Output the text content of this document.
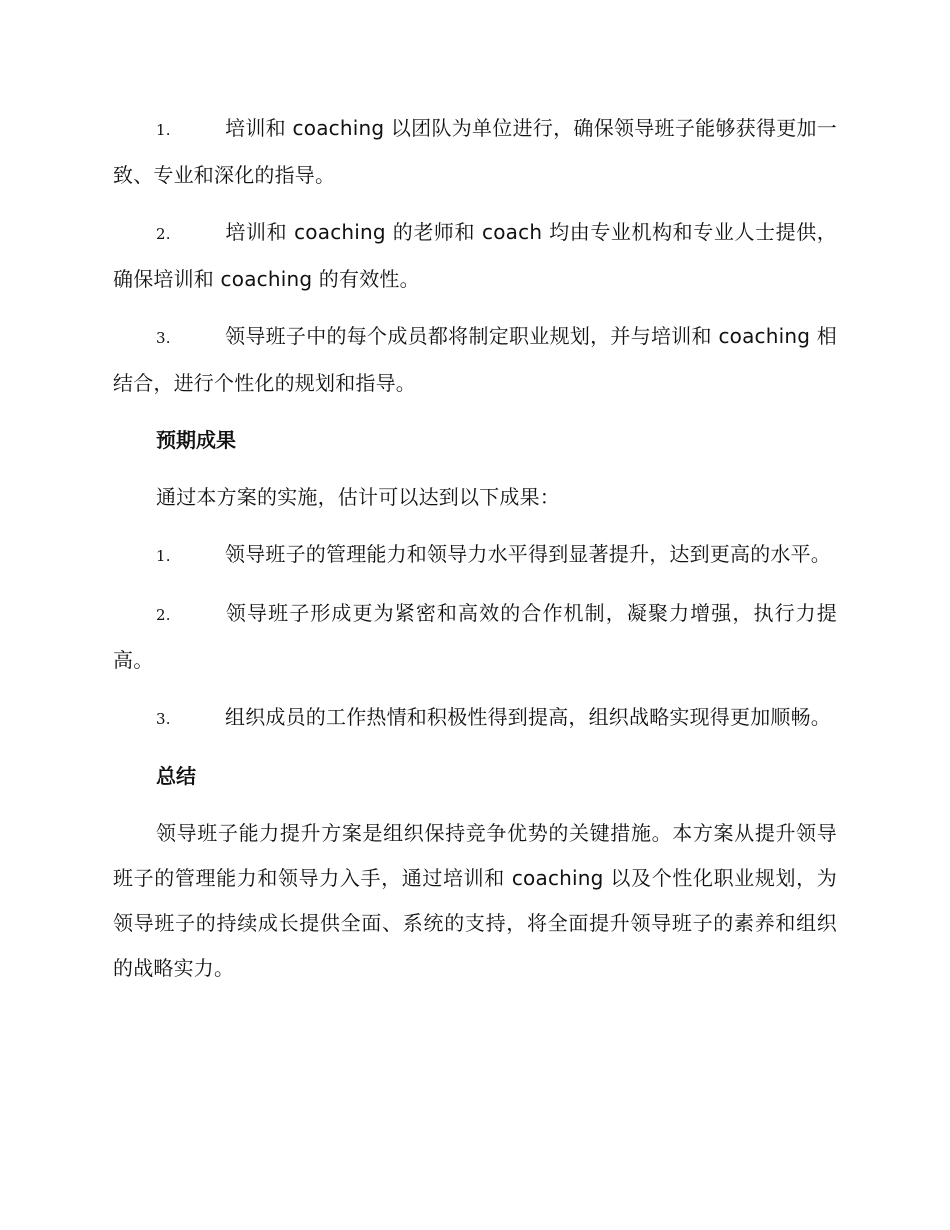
1.	培训和 coaching 以团队为单位进行，确保领导班子能够获得更加一致、专业和深化的指导。

2.	培训和 coaching 的老师和 coach 均由专业机构和专业人士提供，确保培训和 coaching 的有效性。

3.	领导班子中的每个成员都将制定职业规划，并与培训和 coaching 相结合，进行个性化的规划和指导。

预期成果

通过本方案的实施，估计可以达到以下成果：

1.	领导班子的管理能力和领导力水平得到显著提升，达到更高的水平。

2.	领导班子形成更为紧密和高效的合作机制，凝聚力增强，执行力提高。

3.	组织成员的工作热情和积极性得到提高，组织战略实现得更加顺畅。

总结

领导班子能力提升方案是组织保持竞争优势的关键措施。本方案从提升领导班子的管理能力和领导力入手，通过培训和 coaching 以及个性化职业规划，为领导班子的持续成长提供全面、系统的支持，将全面提升领导班子的素养和组织的战略实力。
